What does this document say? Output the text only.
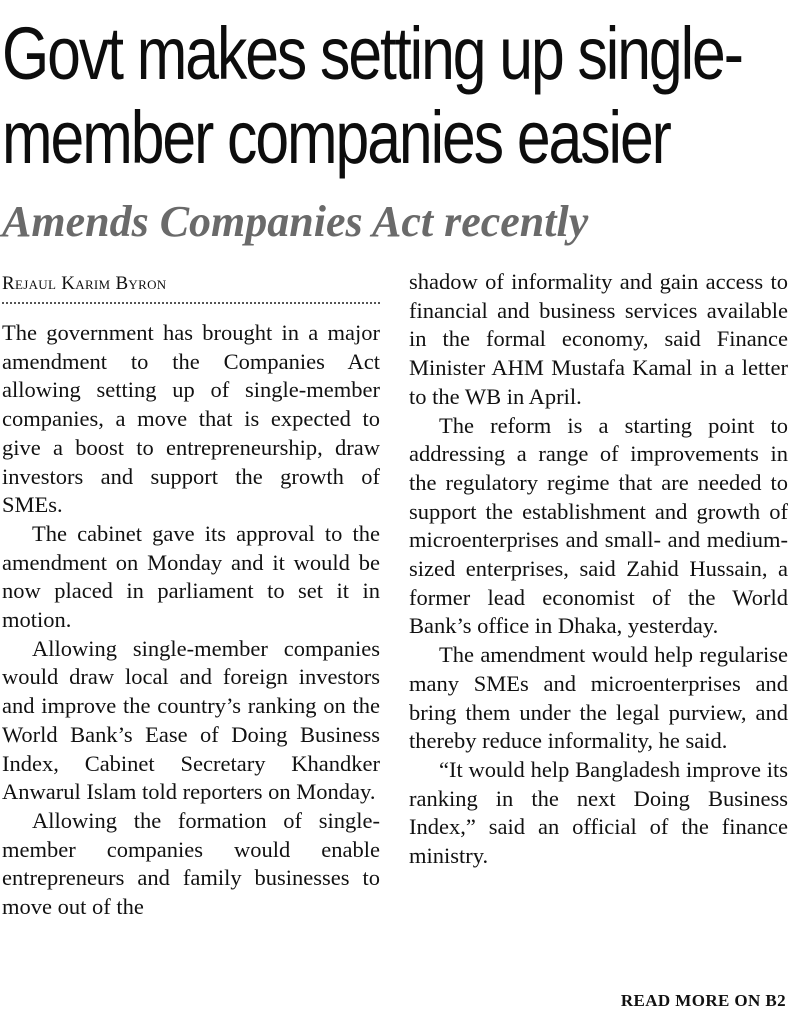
Govt makes setting up single-
member companies easier
Amends Companies Act recently
Rejaul Karim Byron

The government has brought in a major amendment to the Companies Act allowing setting up of single-member companies, a move that is expected to give a boost to entrepreneurship, draw investors and support the growth of SMEs.

The cabinet gave its approval to the amendment on Monday and it would be now placed in parliament to set it in motion.

Allowing single-member companies would draw local and foreign investors and improve the country’s ranking on the World Bank’s Ease of Doing Business Index, Cabinet Secretary Khandker Anwarul Islam told reporters on Monday.

Allowing the formation of single-member companies would enable entrepreneurs and family businesses to move out of the

shadow of informality and gain access to financial and business services available in the formal economy, said Finance Minister AHM Mustafa Kamal in a letter to the WB in April.

The reform is a starting point to addressing a range of improvements in the regulatory regime that are needed to support the establishment and growth of microenterprises and small- and medium-sized enterprises, said Zahid Hussain, a former lead economist of the World Bank’s office in Dhaka, yesterday.

The amendment would help regularise many SMEs and microenterprises and bring them under the legal purview, and thereby reduce informality, he said.

“It would help Bangladesh improve its ranking in the next Doing Business Index,” said an official of the finance ministry.

READ MORE ON B2
